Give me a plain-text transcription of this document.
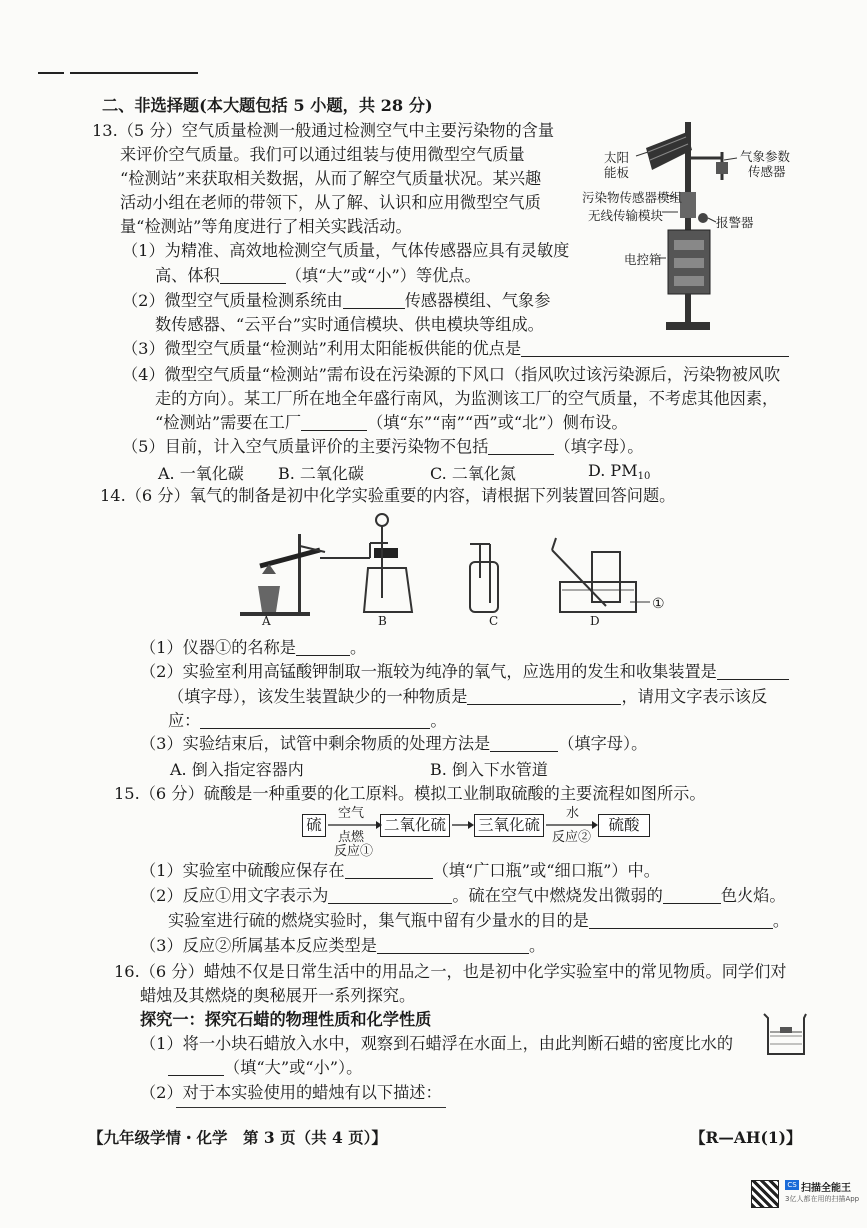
二、非选择题(本大题包括 5 小题，共 28 分)
13.（5 分）空气质量检测一般通过检测空气中主要污染物的含量
来评价空气质量。我们可以通过组装与使用微型空气质量
“检测站”来获取相关数据，从而了解空气质量状况。某兴趣
活动小组在老师的带领下，从了解、认识和应用微型空气质
量“检测站”等角度进行了相关实践活动。
（1）为精准、高效地检测空气质量，气体传感器应具有灵敏度
高、体积	（填“大”或“小”）等优点。
（2）微型空气质量检测系统由	传感器模组、气象参
数传感器、“云平台”实时通信模块、供电模块等组成。
（3）微型空气质量“检测站”利用太阳能板供能的优点是
（4）微型空气质量“检测站”需布设在污染源的下风口（指风吹过该污染源后，污染物被风吹
走的方向）。某工厂所在地全年盛行南风，为监测该工厂的空气质量，不考虑其他因素，
“检测站”需要在工厂	（填“东”“南”“西”或“北”）侧布设。
（5）目前，计入空气质量评价的主要污染物不包括	（填字母）。
A. 一氧化碳 B. 二氧化碳	C. 二氧化氮	D. $PM_{10}$
太阳
能板
气象参数
传感器
污染物传感器模组
无线传输模块	报警器
电控箱
14.（6 分）氧气的制备是初中化学实验重要的内容，请根据下列装置回答问题。
A	B	C	D
①
（1）仪器①的名称是	。
（2）实验室利用高锰酸钾制取一瓶较为纯净的氧气，应选用的发生和收集装置是
（填字母），该发生装置缺少的一种物质是	，请用文字表示该反
应：	。
（3）实验结束后，试管中剩余物质的处理方法是	（填字母）。
A. 倒入指定容器内	B. 倒入下水管道
15.（6 分）硫酸是一种重要的化工原料。模拟工业制取硫酸的主要流程如图所示。
硫	二氧化硫 三氧化硫	硫酸
空气
点燃
反应①
水
反应②
（1）实验室中硫酸应保存在	（填“广口瓶”或“细口瓶”）中。
（2）反应①用文字表示为	。硫在空气中燃烧发出微弱的	色火焰。
实验室进行硫的燃烧实验时，集气瓶中留有少量水的目的是	。
（3）反应②所属基本反应类型是	。
16.（6 分）蜡烛不仅是日常生活中的用品之一，也是初中化学实验室中的常见物质。同学们对
蜡烛及其燃烧的奥秘展开一系列探究。
探究一：探究石蜡的物理性质和化学性质
（1）将一小块石蜡放入水中，观察到石蜡浮在水面上，由此判断石蜡的密度比水的
（填“大”或“小”）。
（2）对于本实验使用的蜡烛有以下描述：
【九年级学情・化学　第 3 页（共 4 页）】	【R—AH(1)】
CS 扫描全能王
3亿人都在用的扫描App
